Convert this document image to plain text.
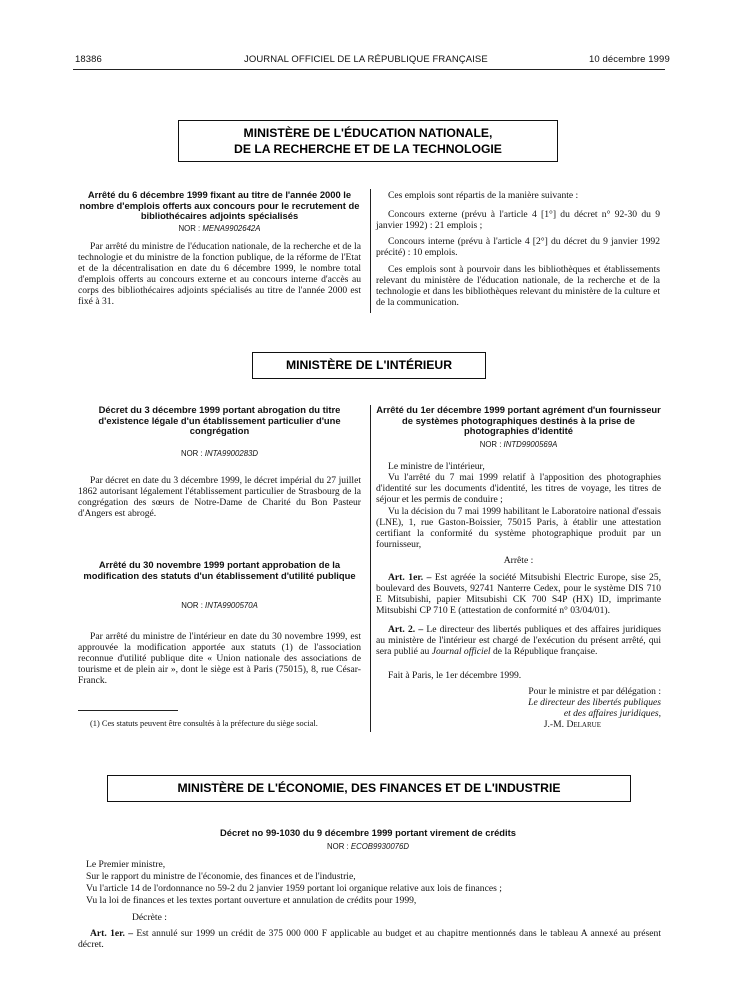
18386	JOURNAL OFFICIEL DE LA RÉPUBLIQUE FRANÇAISE	10 décembre 1999
MINISTÈRE DE L'ÉDUCATION NATIONALE,
DE LA RECHERCHE ET DE LA TECHNOLOGIE
Arrêté du 6 décembre 1999 fixant au titre de l'année 2000 le nombre d'emplois offerts aux concours pour le recrutement de bibliothécaires adjoints spécialisés
NOR : MENA9902642A
Par arrêté du ministre de l'éducation nationale, de la recherche et de la technologie et du ministre de la fonction publique, de la réforme de l'Etat et de la décentralisation en date du 6 décembre 1999, le nombre total d'emplois offerts au concours externe et au concours interne d'accès au corps des bibliothécaires adjoints spécialisés au titre de l'année 2000 est fixé à 31.
Ces emplois sont répartis de la manière suivante :
Concours externe (prévu à l'article 4 [1°] du décret n° 92-30 du 9 janvier 1992) : 21 emplois ;
Concours interne (prévu à l'article 4 [2°] du décret du 9 janvier 1992 précité) : 10 emplois.
Ces emplois sont à pourvoir dans les bibliothèques et établissements relevant du ministère de l'éducation nationale, de la recherche et de la technologie et dans les bibliothèques relevant du ministère de la culture et de la communication.
MINISTÈRE DE L'INTÉRIEUR
Décret du 3 décembre 1999 portant abrogation du titre d'existence légale d'un établissement particulier d'une congrégation
NOR : INTA9900283D
Par décret en date du 3 décembre 1999, le décret impérial du 27 juillet 1862 autorisant légalement l'établissement particulier de Strasbourg de la congrégation des sœurs de Notre-Dame de Charité du Bon Pasteur d'Angers est abrogé.
Arrêté du 30 novembre 1999 portant approbation de la modification des statuts d'un établissement d'utilité publique
NOR : INTA9900570A
Par arrêté du ministre de l'intérieur en date du 30 novembre 1999, est approuvée la modification apportée aux statuts (1) de l'association reconnue d'utilité publique dite « Union nationale des associations de tourisme et de plein air », dont le siège est à Paris (75015), 8, rue César-Franck.
(1) Ces statuts peuvent être consultés à la préfecture du siège social.
Arrêté du 1er décembre 1999 portant agrément d'un fournisseur de systèmes photographiques destinés à la prise de photographies d'identité
NOR : INTD9900569A
Le ministre de l'intérieur,
Vu l'arrêté du 7 mai 1999 relatif à l'apposition des photographies d'identité sur les documents d'identité, les titres de voyage, les titres de séjour et les permis de conduire ;
Vu la décision du 7 mai 1999 habilitant le Laboratoire national d'essais (LNE), 1, rue Gaston-Boissier, 75015 Paris, à établir une attestation certifiant la conformité du système photographique produit par un fournisseur,
Arrête :
Art. 1er. – Est agréée la société Mitsubishi Electric Europe, sise 25, boulevard des Bouvets, 92741 Nanterre Cedex, pour le système DIS 710 E Mitsubishi, papier Mitsubishi CK 700 S4P (HX) ID, imprimante Mitsubishi CP 710 E (attestation de conformité n° 03/04/01).
Art. 2. – Le directeur des libertés publiques et des affaires juridiques au ministère de l'intérieur est chargé de l'exécution du présent arrêté, qui sera publié au Journal officiel de la République française.
Fait à Paris, le 1er décembre 1999.
Pour le ministre et par délégation :
Le directeur des libertés publiques
et des affaires juridiques,
J.-M. Delarue
MINISTÈRE DE L'ÉCONOMIE, DES FINANCES ET DE L'INDUSTRIE
Décret no 99-1030 du 9 décembre 1999 portant virement de crédits
NOR : ECOB9930076D
Le Premier ministre,
Sur le rapport du ministre de l'économie, des finances et de l'industrie,
Vu l'article 14 de l'ordonnance no 59-2 du 2 janvier 1959 portant loi organique relative aux lois de finances ;
Vu la loi de finances et les textes portant ouverture et annulation de crédits pour 1999,
Décrète :
Art. 1er. – Est annulé sur 1999 un crédit de 375 000 000 F applicable au budget et au chapitre mentionnés dans le tableau A annexé au présent décret.
